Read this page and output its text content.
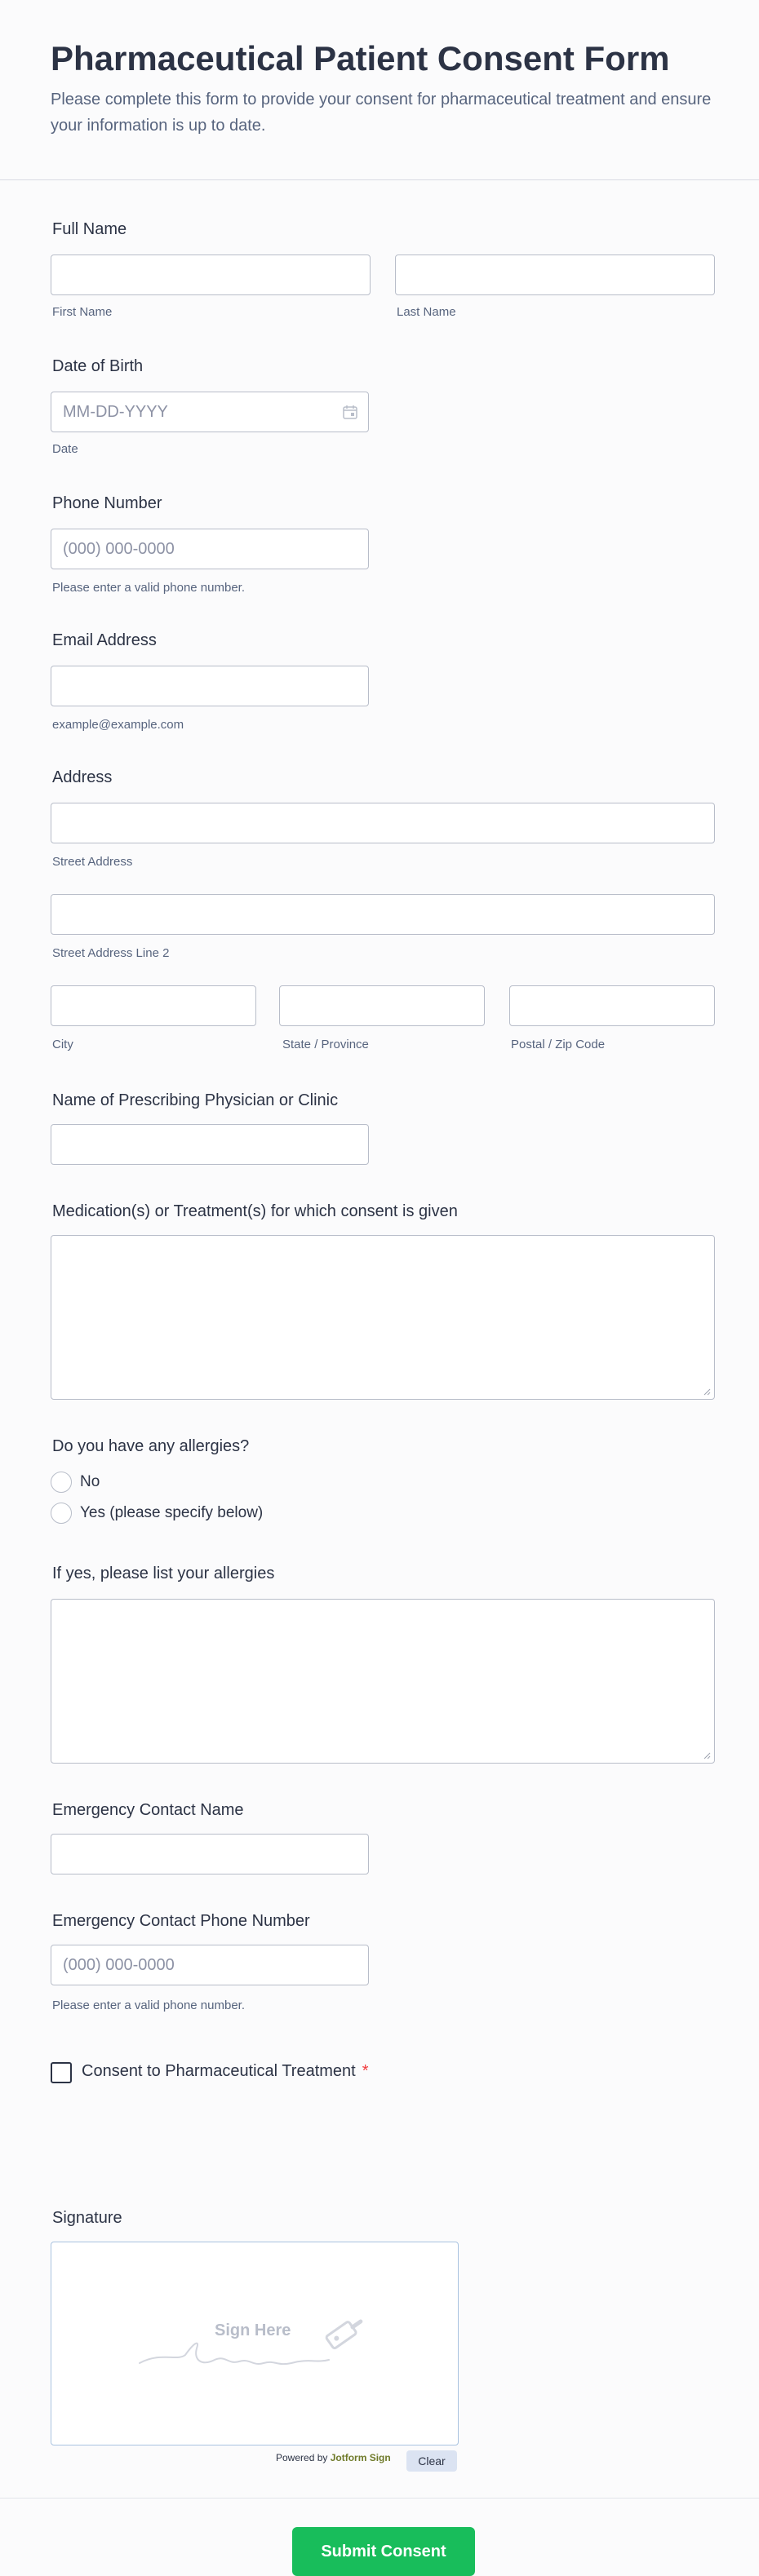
Pharmaceutical Patient Consent Form

Please complete this form to provide your consent for pharmaceutical treatment and ensure your information is up to date.

Full Name
First Name	Last Name
Date of Birth
MM-DD-YYYY
Date
Phone Number
(000) 000-0000
Please enter a valid phone number.
Email Address
example@example.com
Address
Street Address
Street Address Line 2
City	State / Province	Postal / Zip Code
Name of Prescribing Physician or Clinic
Medication(s) or Treatment(s) for which consent is given
Do you have any allergies?
No
Yes (please specify below)
If yes, please list your allergies
Emergency Contact Name
Emergency Contact Phone Number
(000) 000-0000
Please enter a valid phone number.
Consent to Pharmaceutical Treatment *
Signature
Sign Here
Powered by Jotform Sign	Clear
Submit Consent
